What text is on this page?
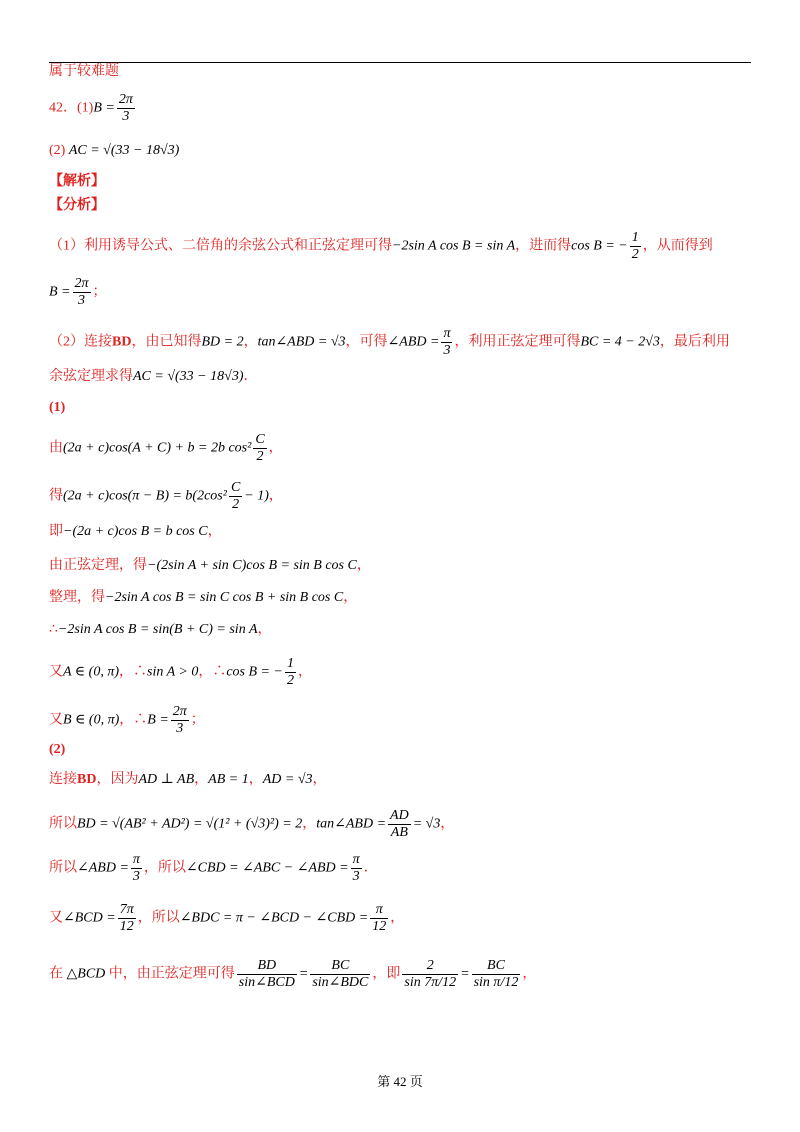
属于较难题
42．$(1)B = \frac{2\pi}{3}$
(2) AC = √(33 − 18√3)
【解析】
【分析】
（1）利用诱导公式、二倍角的余弦公式和正弦定理可得−2sin A cos B = sin A，进而得cos B = − $\frac{1}{2}$ ，从而得到
$B = \frac{2\pi}{3}$ ；
（2）连接BD，由已知得BD = 2，tan∠ABD = √3，可得∠ABD = $\frac{\pi}{3}$ ，利用正弦定理可得BC = 4 − 2√3，最后利用
余弦定理求得AC = √(33 − 18√3)．
(1)
由(2a + c)cos(A + C) + b = 2b $\cos^2 \frac{C}{2}$ ，
得$(2a + c)\cos(\pi - B) = b(2\cos^2 \frac{C}{2} - 1)$，
即−(2a + c)cos B = b cos C，
由正弦定理，得−(2sin A + sin C)cos B = sin B cos C，
整理，得−2sin A cos B = sin C cos B + sin B cos C，
∴−2sin A cos B = sin(B + C) = sin A，
又A ∈ (0, π)，∴sin A > 0，∴cos B = − $\frac{1}{2}$ ，
又B ∈ (0, π)，∴B = $\frac{2\pi}{3}$ ；
(2)
连接BD，因为AD ⊥ AB，AB = 1，AD = √3，
所以BD = √(AB² + AD²) = √(1² + (√3)²) = 2，tan∠ABD = $\frac{AD}{AB} = √3$，
所以∠ABD = $\frac{\pi}{3}$ ，所以∠CBD = ∠ABC − ∠ABD = $\frac{\pi}{3}$ ．
又∠BCD = $\frac{7\pi}{12}$ ，所以∠BDC = π − ∠BCD − ∠CBD = $\frac{\pi}{12}$ ，
在 △BCD 中，由正弦定理可得 $\frac{BD}{\text{sin∠BCD}} = \frac{BC}{\text{sin∠BDC}}$ ，即 $\frac{2}{\sin 7\pi/12} = \frac{BC}{\text{sin π/12}}$ ，
第 42 页
